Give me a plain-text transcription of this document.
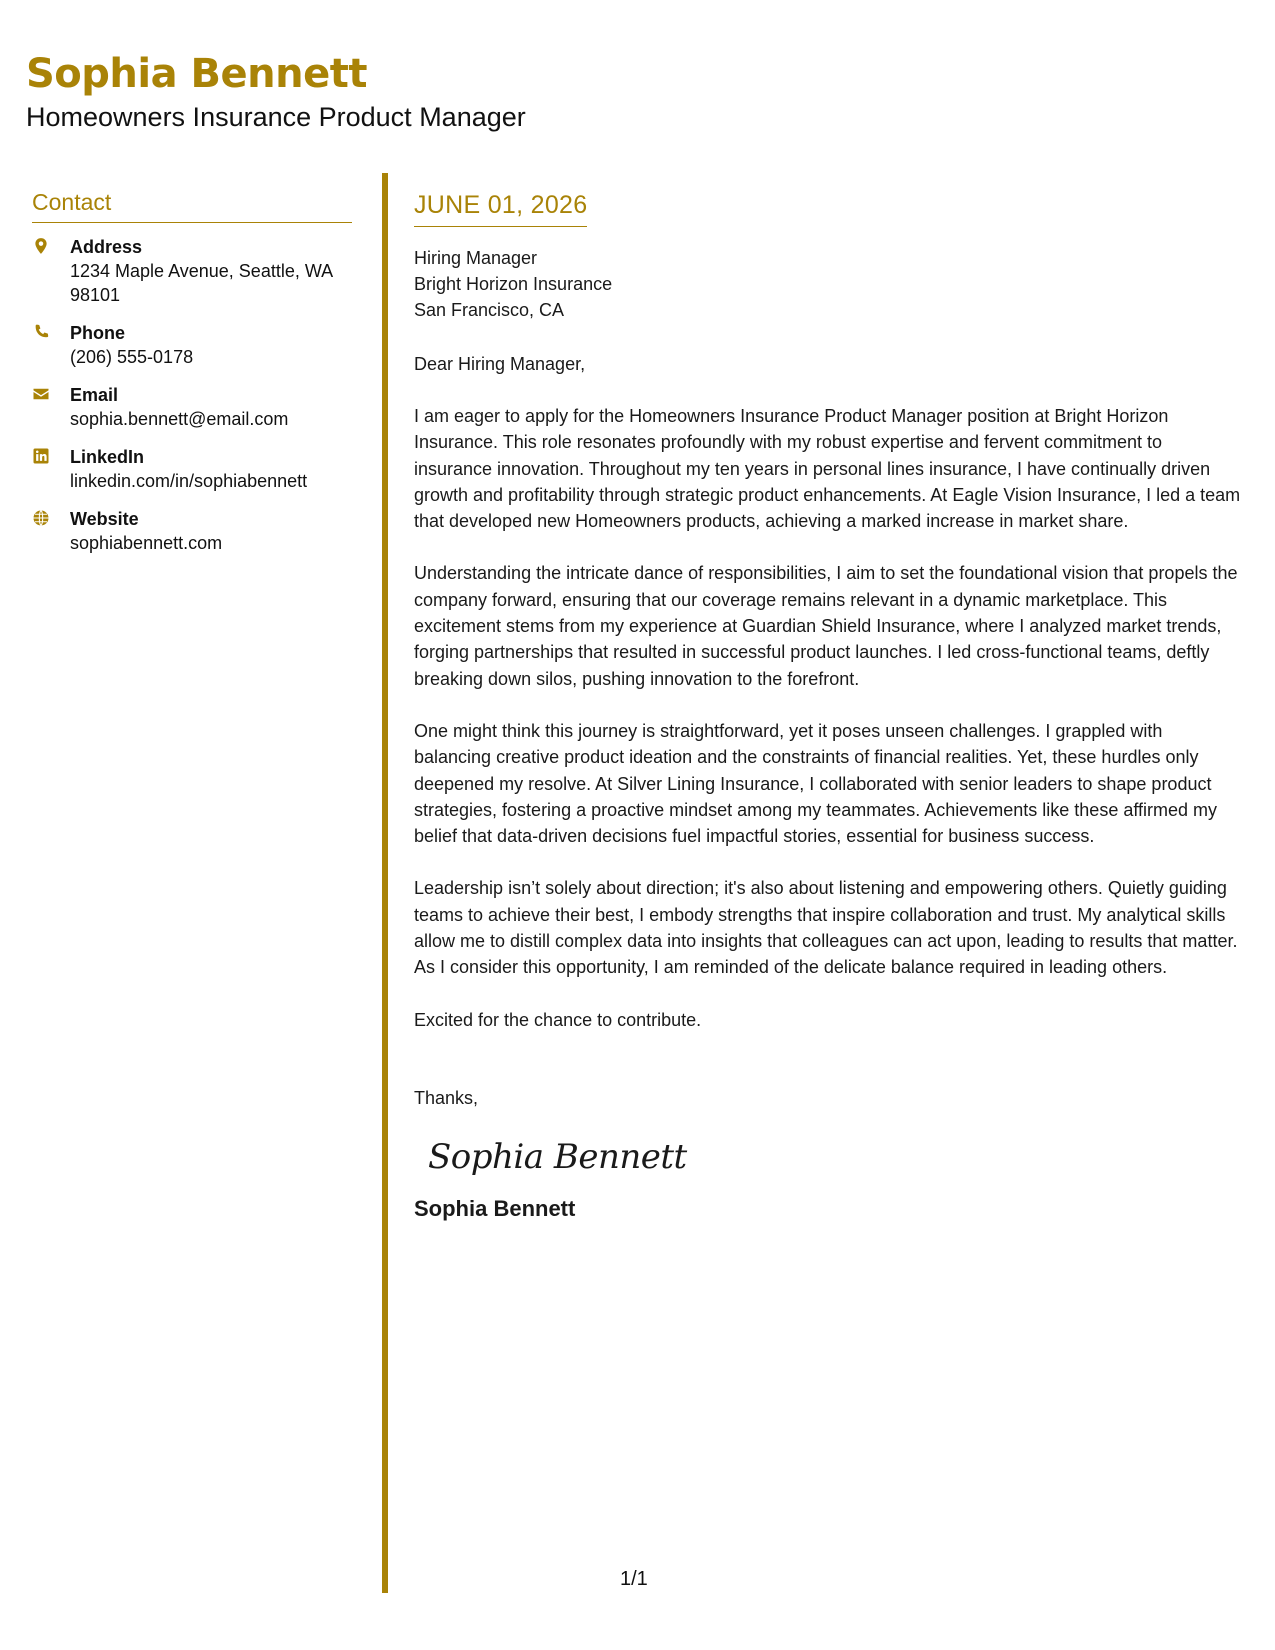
Sophia Bennett
Homeowners Insurance Product Manager
Contact
Address
1234 Maple Avenue, Seattle, WA 98101
Phone
(206) 555-0178
Email
sophia.bennett@email.com
LinkedIn
linkedin.com/in/sophiabennett
Website
sophiabennett.com
JUNE 01, 2026
Hiring Manager
Bright Horizon Insurance
San Francisco, CA
Dear Hiring Manager,

I am eager to apply for the Homeowners Insurance Product Manager position at Bright Horizon Insurance. This role resonates profoundly with my robust expertise and fervent commitment to insurance innovation. Throughout my ten years in personal lines insurance, I have continually driven growth and profitability through strategic product enhancements. At Eagle Vision Insurance, I led a team that developed new Homeowners products, achieving a marked increase in market share.

Understanding the intricate dance of responsibilities, I aim to set the foundational vision that propels the company forward, ensuring that our coverage remains relevant in a dynamic marketplace. This excitement stems from my experience at Guardian Shield Insurance, where I analyzed market trends, forging partnerships that resulted in successful product launches. I led cross-functional teams, deftly breaking down silos, pushing innovation to the forefront.

One might think this journey is straightforward, yet it poses unseen challenges. I grappled with balancing creative product ideation and the constraints of financial realities. Yet, these hurdles only deepened my resolve. At Silver Lining Insurance, I collaborated with senior leaders to shape product strategies, fostering a proactive mindset among my teammates. Achievements like these affirmed my belief that data-driven decisions fuel impactful stories, essential for business success.

Leadership isn’t solely about direction; it's also about listening and empowering others. Quietly guiding teams to achieve their best, I embody strengths that inspire collaboration and trust. My analytical skills allow me to distill complex data into insights that colleagues can act upon, leading to results that matter. As I consider this opportunity, I am reminded of the delicate balance required in leading others.

Excited for the chance to contribute.
Thanks,
Sophia Bennett
Sophia Bennett
1/1
